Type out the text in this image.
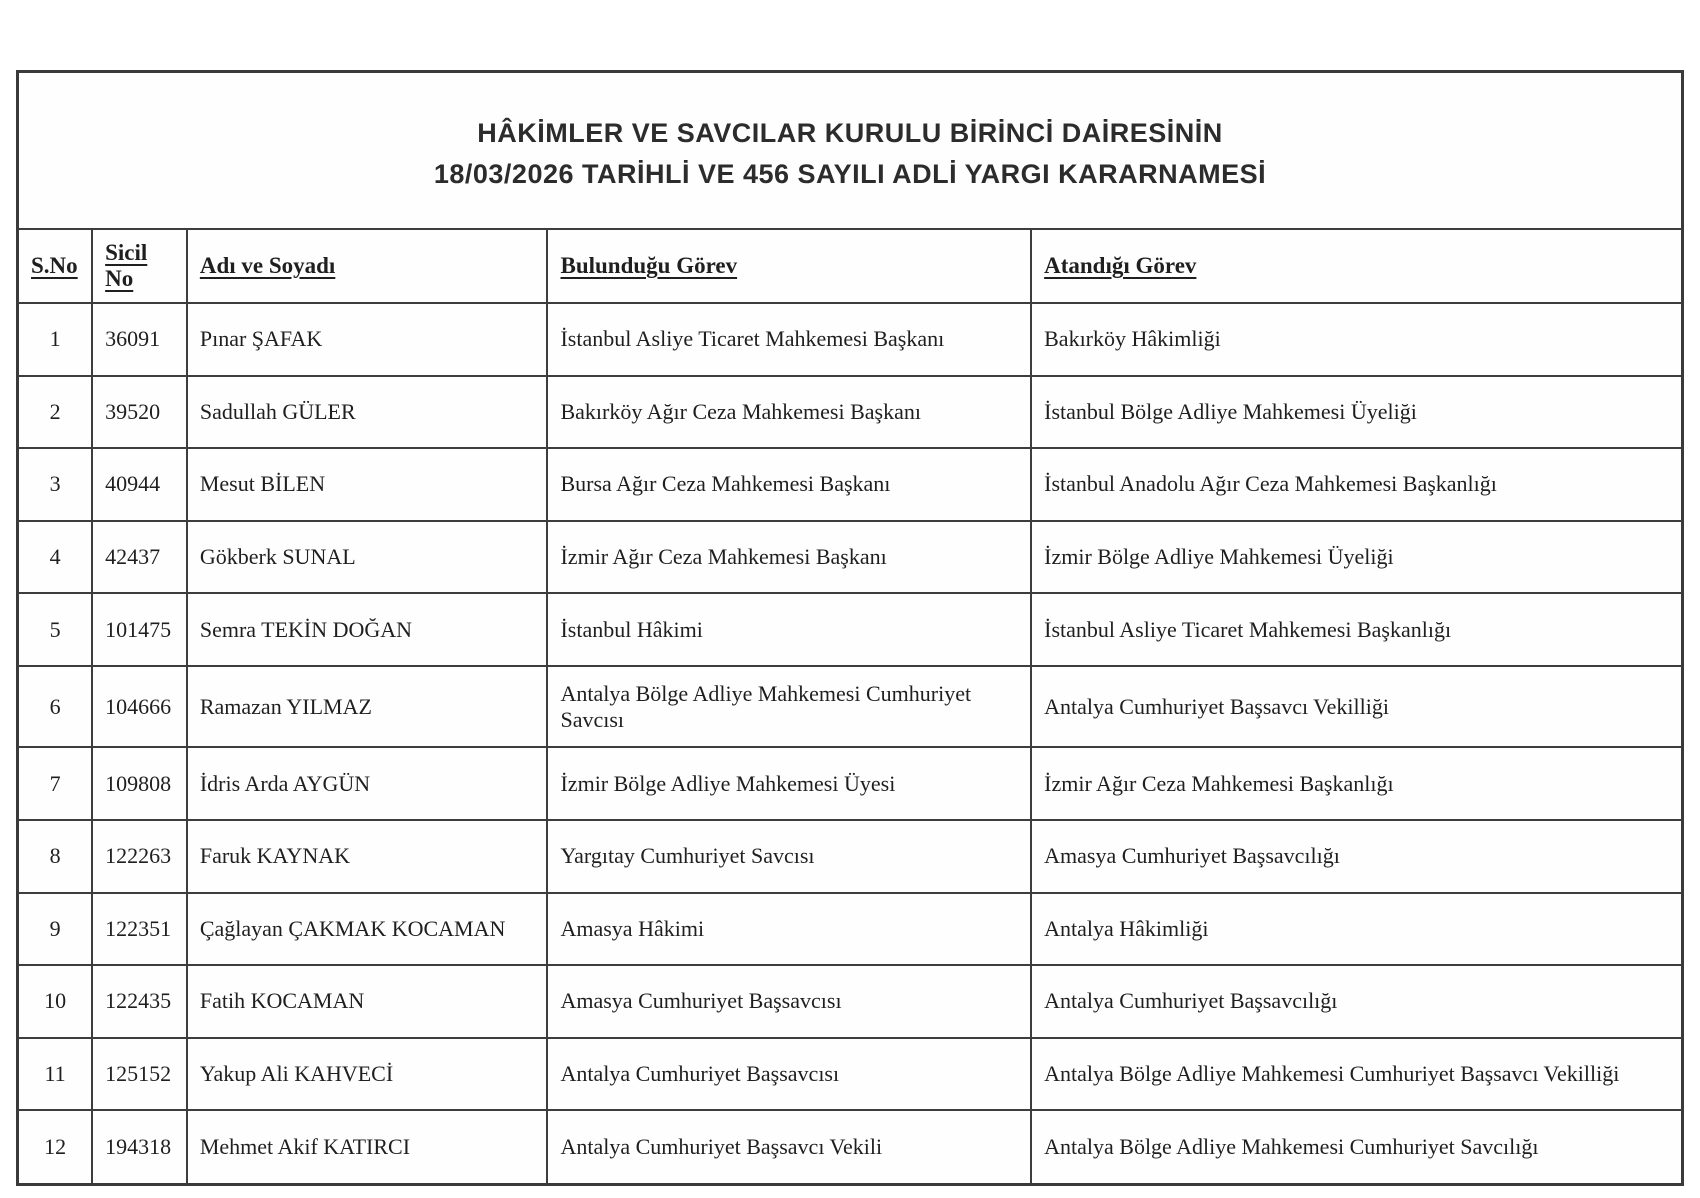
HÂKİMLER VE SAVCILAR KURULU BİRİNCİ DAİRESİNİN
18/03/2026 TARİHLİ VE 456 SAYILI ADLİ YARGI KARARNAMESİ
S.No	Sicil No	Adı ve Soyadı	Bulunduğu Görev	Atandığı Görev
1	36091	Pınar ŞAFAK	İstanbul Asliye Ticaret Mahkemesi Başkanı	Bakırköy Hâkimliği
2	39520	Sadullah GÜLER	Bakırköy Ağır Ceza Mahkemesi Başkanı	İstanbul Bölge Adliye Mahkemesi Üyeliği
3	40944	Mesut BİLEN	Bursa Ağır Ceza Mahkemesi Başkanı	İstanbul Anadolu Ağır Ceza Mahkemesi Başkanlığı
4	42437	Gökberk SUNAL	İzmir Ağır Ceza Mahkemesi Başkanı	İzmir Bölge Adliye Mahkemesi Üyeliği
5	101475	Semra TEKİN DOĞAN	İstanbul Hâkimi	İstanbul Asliye Ticaret Mahkemesi Başkanlığı
6	104666	Ramazan YILMAZ	Antalya Bölge Adliye Mahkemesi Cumhuriyet Savcısı	Antalya Cumhuriyet Başsavcı Vekilliği
7	109808	İdris Arda AYGÜN	İzmir Bölge Adliye Mahkemesi Üyesi	İzmir Ağır Ceza Mahkemesi Başkanlığı
8	122263	Faruk KAYNAK	Yargıtay Cumhuriyet Savcısı	Amasya Cumhuriyet Başsavcılığı
9	122351	Çağlayan ÇAKMAK KOCAMAN	Amasya Hâkimi	Antalya Hâkimliği
10	122435	Fatih KOCAMAN	Amasya Cumhuriyet Başsavcısı	Antalya Cumhuriyet Başsavcılığı
11	125152	Yakup Ali KAHVECİ	Antalya Cumhuriyet Başsavcısı	Antalya Bölge Adliye Mahkemesi Cumhuriyet Başsavcı Vekilliği
12	194318	Mehmet Akif KATIRCI	Antalya Cumhuriyet Başsavcı Vekili	Antalya Bölge Adliye Mahkemesi Cumhuriyet Savcılığı
